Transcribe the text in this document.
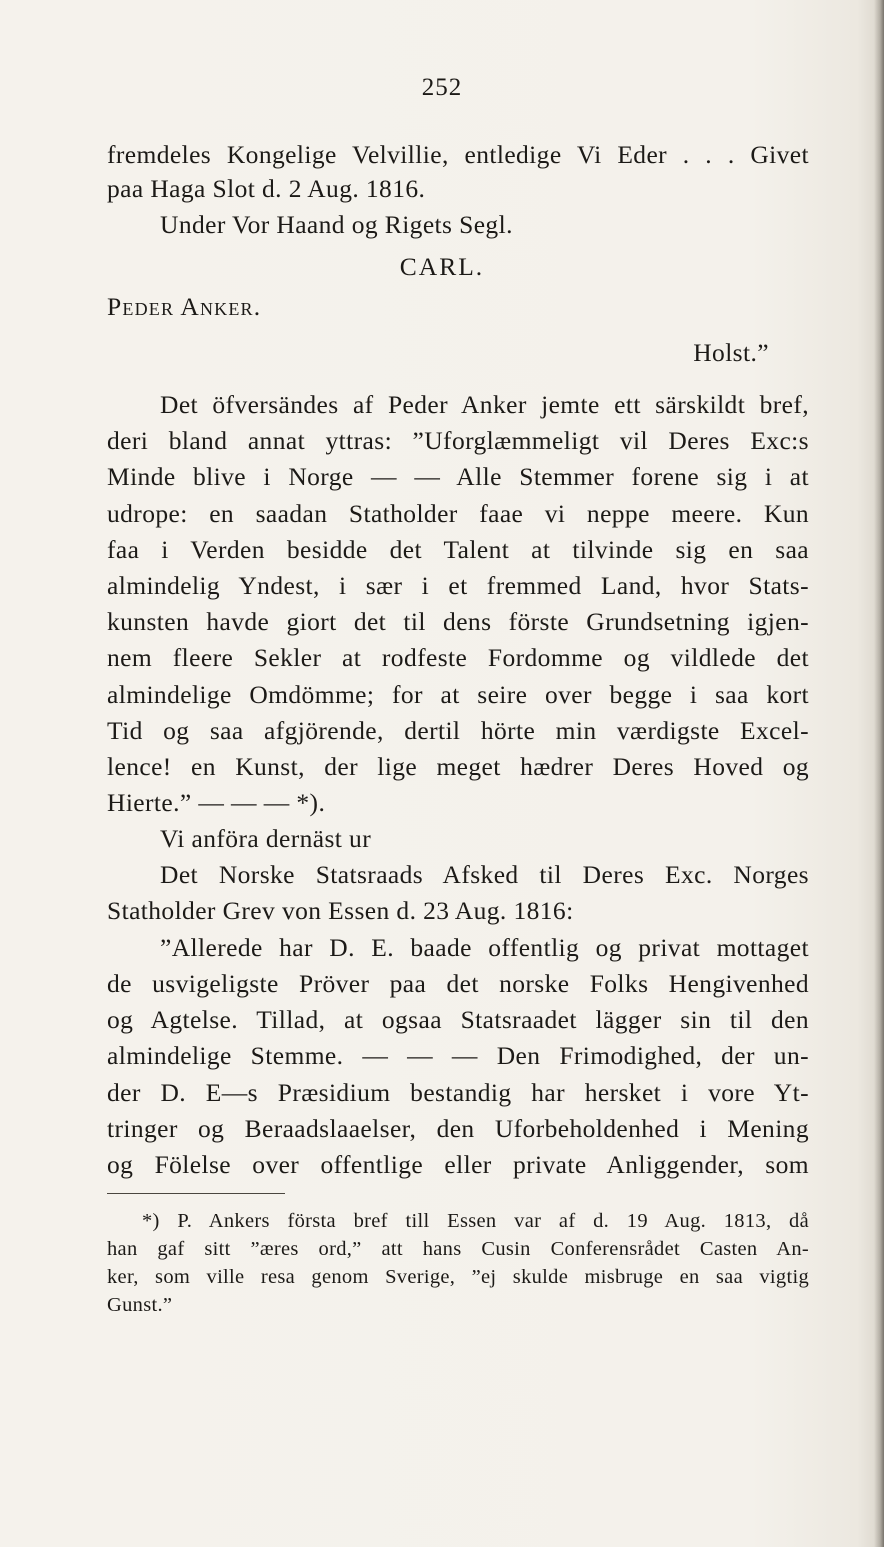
252
fremdeles Kongelige Velvillie, entledige Vi Eder . . . Givet
paa Haga Slot d. 2 Aug. 1816.
Under Vor Haand og Rigets Segl.
CARL.
Peder Anker.
Holst.”
Det öfversändes af Peder Anker jemte ett särskildt bref,
deri bland annat yttras: ”Uforglæmmeligt vil Deres Exc:s
Minde blive i Norge — — Alle Stemmer forene sig i at
udrope: en saadan Statholder faae vi neppe meere. Kun
faa i Verden besidde det Talent at tilvinde sig en saa
almindelig Yndest, i sær i et fremmed Land, hvor Stats-
kunsten havde giort det til dens förste Grundsetning igjen-
nem fleere Sekler at rodfeste Fordomme og vildlede det
almindelige Omdömme; for at seire over begge i saa kort
Tid og saa afgjörende, dertil hörte min værdigste Excel-
lence! en Kunst, der lige meget hædrer Deres Hoved og
Hierte.” — — — *).
Vi anföra dernäst ur
Det Norske Statsraads Afsked til Deres Exc. Norges
Statholder Grev von Essen d. 23 Aug. 1816:
”Allerede har D. E. baade offentlig og privat mottaget
de usvigeligste Pröver paa det norske Folks Hengivenhed
og Agtelse. Tillad, at ogsaa Statsraadet lägger sin til den
almindelige Stemme. — — — Den Frimodighed, der un-
der D. E—s Præsidium bestandig har hersket i vore Yt-
tringer og Beraadslaaelser, den Uforbeholdenhed i Mening
og Fölelse over offentlige eller private Anliggender, som
*) P. Ankers första bref till Essen var af d. 19 Aug. 1813, då
han gaf sitt ”æres ord,” att hans Cusin Conferensrådet Casten An-
ker, som ville resa genom Sverige, ”ej skulde misbruge en saa vigtig
Gunst.”
